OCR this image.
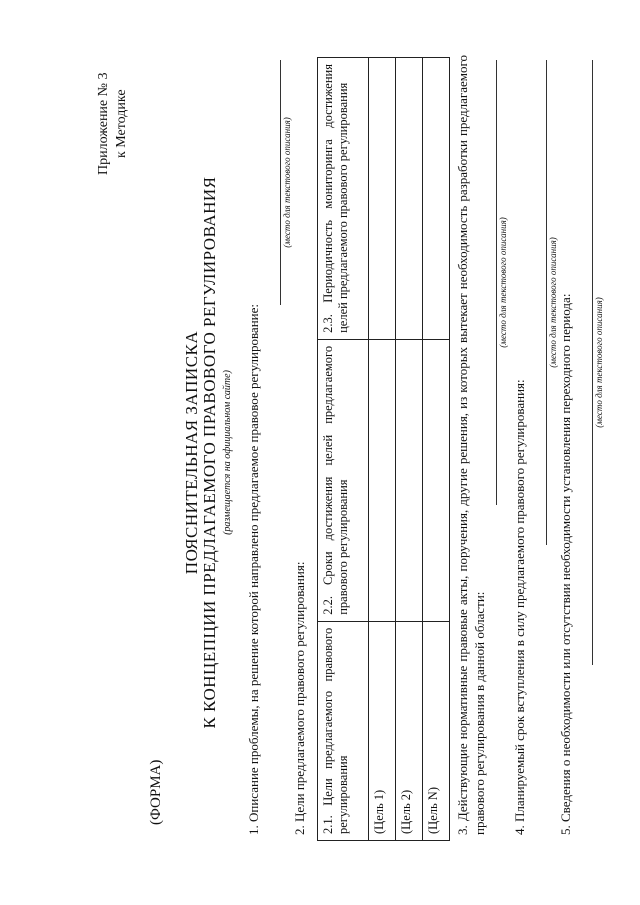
Приложение № 3 к Методике
(ФОРМА)
ПОЯСНИТЕЛЬНАЯ ЗАПИСКА К КОНЦЕПЦИИ ПРЕДЛАГАЕМОГО ПРАВОВОГО РЕГУЛИРОВАНИЯ (размещается на официальном сайте) 1. Описание проблемы, на решение которой направлено предлагаемое правовое регулирование:
(место для текстового описания)
2. Цели предлагаемого правового регулирования: 2.1. Цели предлагаемого правового регулирования	2.2. Сроки достижения целей предлагаемого правового регулирования	2.3. Периодичность мониторинга достижения целей предлагаемого правового регулирования
(Цель 1)		
(Цель 2)		
(Цель N)		3. Действующие нормативные правовые акты, поручения, другие решения, из которых вытекает необходимость разработки предлагаемого правового регулирования в данной области:
(место для текстового описания)
4. Планируемый срок вступления в силу предлагаемого правового регулирования:
(место для текстового описания) 5. Сведения о необходимости или отсутствии необходимости установления переходного периода: (место для текстового описания)
